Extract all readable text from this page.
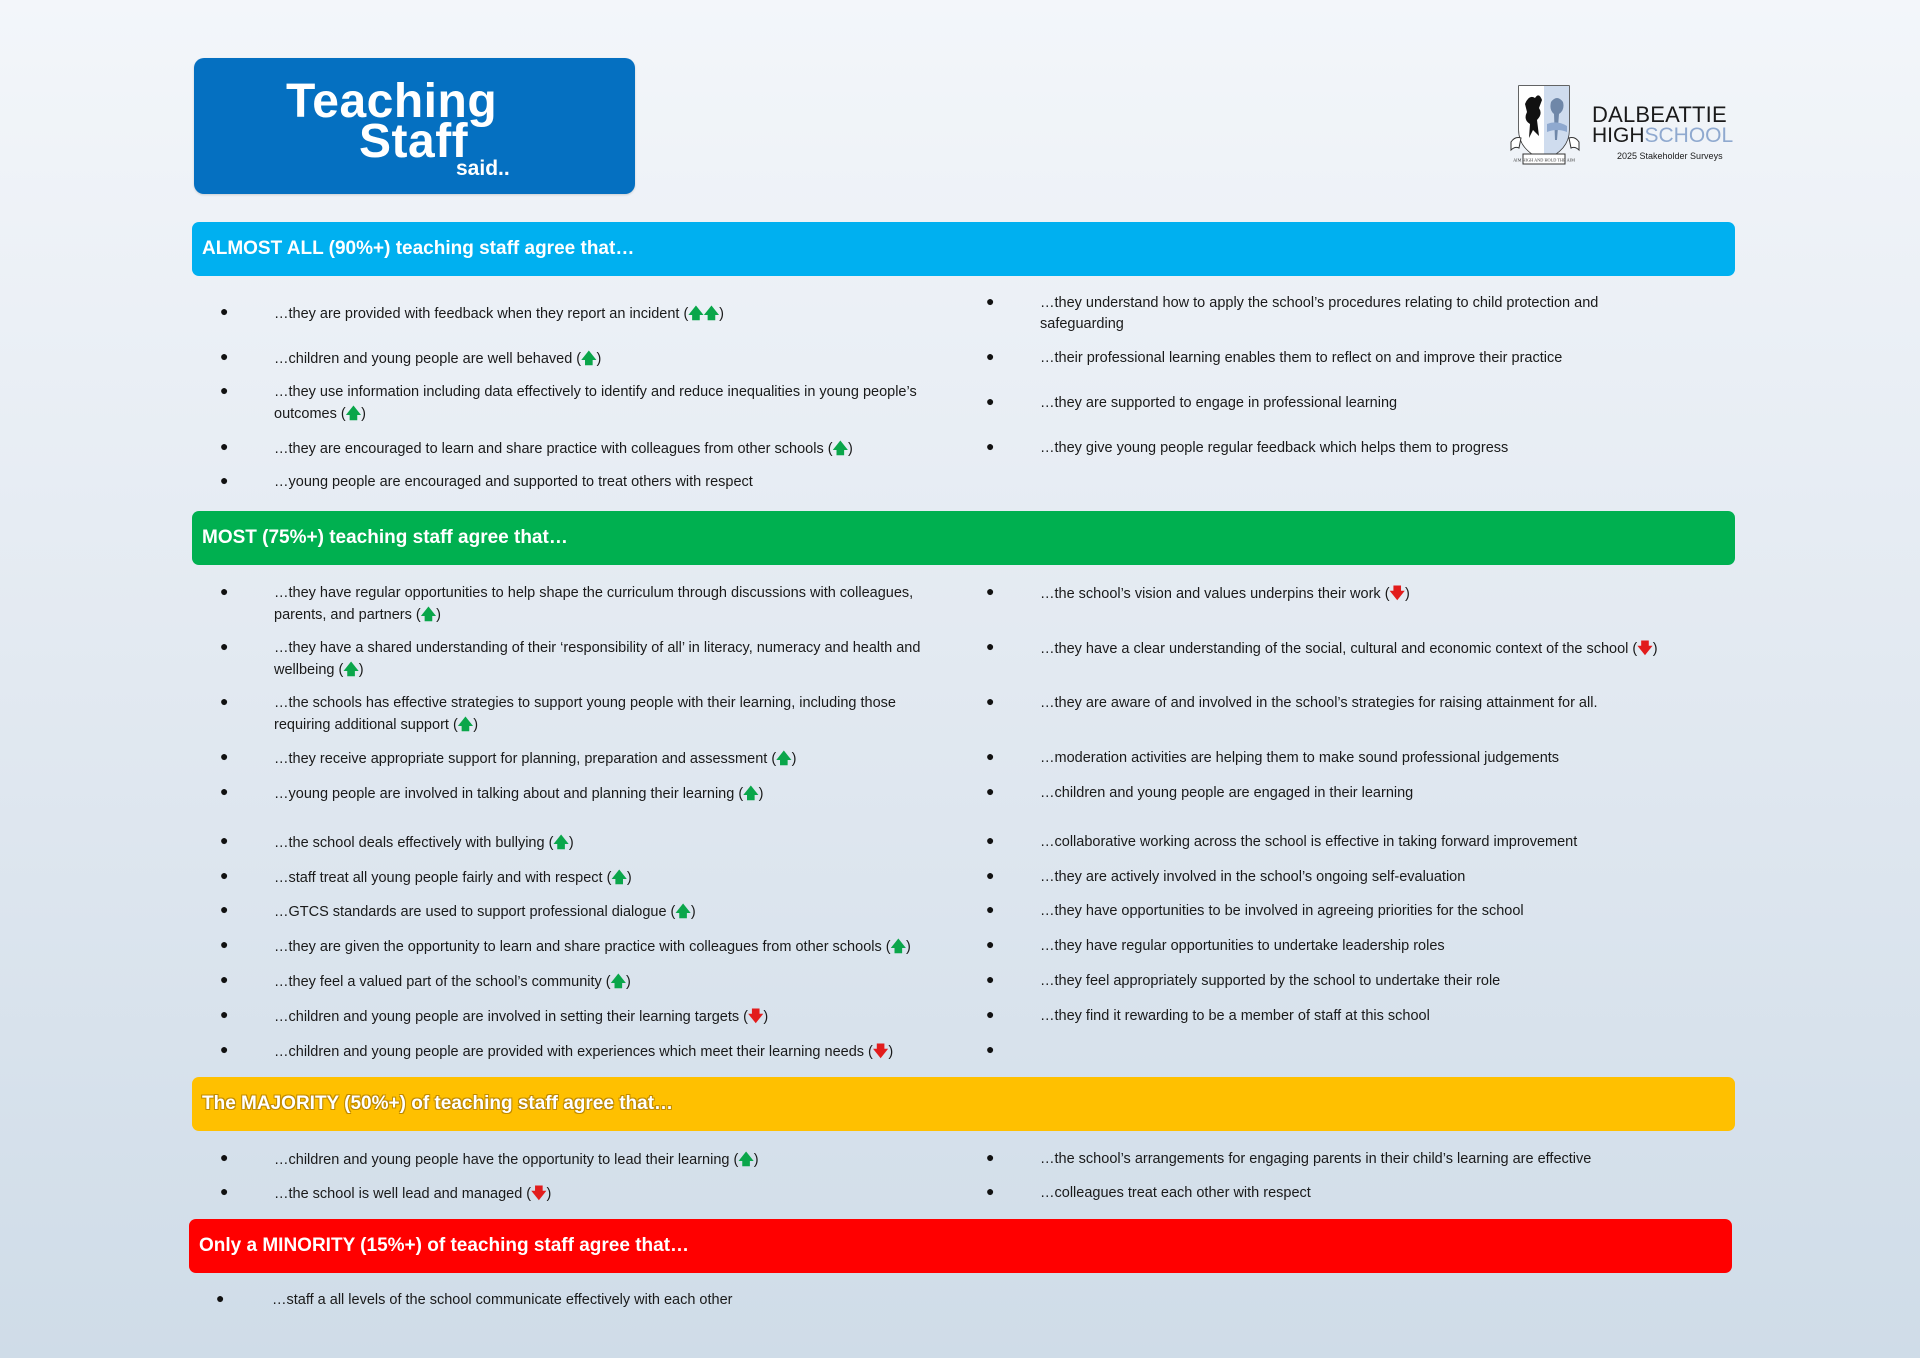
Teaching
Staff
said..	AIM HIGH AND HOLD THE AIM
DALBEATTIE
HIGHSCHOOL
2025 Stakeholder Surveys
ALMOST ALL (90%+) teaching staff agree that…
MOST (75%+) teaching staff agree that…
The MAJORITY (50%+) of teaching staff agree that…
Only a MINORITY (15%+) of teaching staff agree that…
●	…they are provided with feedback when they report an incident (🡅🡅)
●	…children and young people are well behaved (🡅)
●	…they use information including data effectively to identify and reduce inequalities in young people’s
outcomes (🡅)
●	…they are encouraged to learn and share practice with colleagues from other schools (🡅)
●	…young people are encouraged and supported to treat others with respect
●	…they understand how to apply the school’s procedures relating to child protection and
safeguarding
●	…their professional learning enables them to reflect on and improve their practice
●	…they are supported to engage in professional learning
●	…they give young people regular feedback which helps them to progress
●	…they have regular opportunities to help shape the curriculum through discussions with colleagues,
parents, and partners (🡅)
●	…they have a shared understanding of their ‘responsibility of all’ in literacy, numeracy and health and
wellbeing (🡅)
●	…the schools has effective strategies to support young people with their learning, including those
requiring additional support (🡅)
●	…they receive appropriate support for planning, preparation and assessment (🡅)
●	…young people are involved in talking about and planning their learning (🡅)
●	…the school deals effectively with bullying (🡅)
●	…staff treat all young people fairly and with respect (🡅)
●	…GTCS standards are used to support professional dialogue (🡅)
●	…they are given the opportunity to learn and share practice with colleagues from other schools (🡅)
●	…they feel a valued part of the school’s community (🡅)
●	…children and young people are involved in setting their learning targets (🡇)
●	…children and young people are provided with experiences which meet their learning needs (🡇)
●	…the school’s vision and values underpins their work (🡇)
●	…they have a clear understanding of the social, cultural and economic context of the school (🡇)
●	…they are aware of and involved in the school’s strategies for raising attainment for all.
●	…moderation activities are helping them to make sound professional judgements
●	…children and young people are engaged in their learning
●	…collaborative working across the school is effective in taking forward improvement
●	…they are actively involved in the school’s ongoing self-evaluation
●	…they have opportunities to be involved in agreeing priorities for the school
●	…they have regular opportunities to undertake leadership roles
●	…they feel appropriately supported by the school to undertake their role
●	…they find it rewarding to be a member of staff at this school
●
●	…children and young people have the opportunity to lead their learning (🡅)
●	…the school is well lead and managed (🡇)
●	…the school’s arrangements for engaging parents in their child’s learning are effective
●	…colleagues treat each other with respect
●	…staff a all levels of the school communicate effectively with each other
